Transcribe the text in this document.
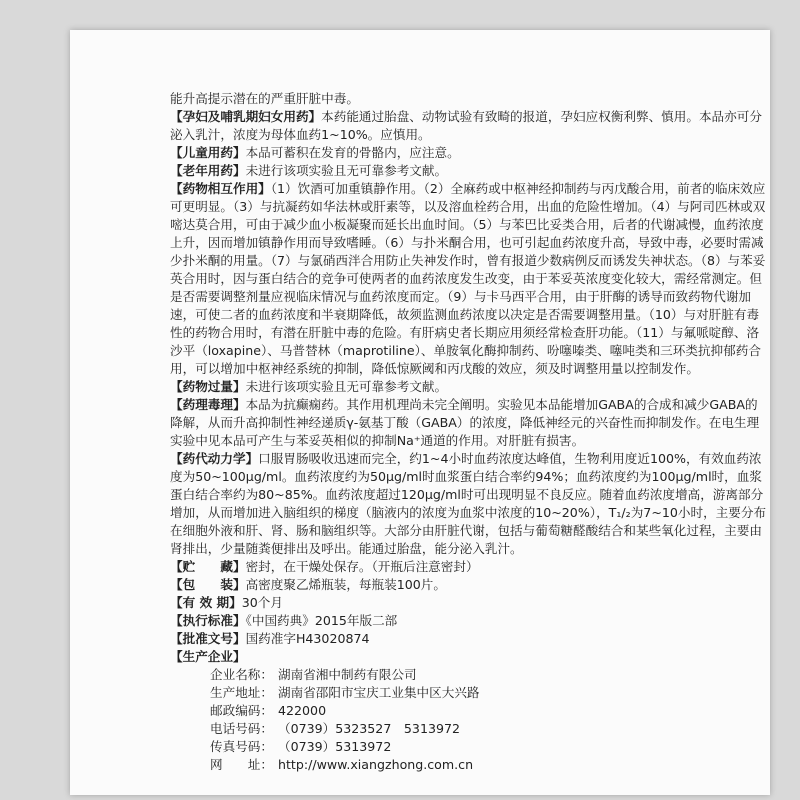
能升高提示潜在的严重肝脏中毒。

【孕妇及哺乳期妇女用药】本药能通过胎盘、动物试验有致畸的报道，孕妇应权衡利弊、慎用。本品亦可分泌入乳汁，浓度为母体血药1~10%。应慎用。

【儿童用药】本品可蓄积在发育的骨骼内，应注意。

【老年用药】未进行该项实验且无可靠参考文献。

【药物相互作用】（1）饮酒可加重镇静作用。（2）全麻药或中枢神经抑制药与丙戊酸合用，前者的临床效应可更明显。（3）与抗凝药如华法林或肝素等，以及溶血栓药合用，出血的危险性增加。（4）与阿司匹林或双嘧达莫合用，可由于减少血小板凝聚而延长出血时间。（5）与苯巴比妥类合用，后者的代谢减慢，血药浓度上升，因而增加镇静作用而导致嗜睡。（6）与扑米酮合用，也可引起血药浓度升高，导致中毒，必要时需减少扑米酮的用量。（7）与氯硝西泮合用防止失神发作时，曾有报道少数病例反而诱发失神状态。（8）与苯妥英合用时，因与蛋白结合的竞争可使两者的血药浓度发生改变，由于苯妥英浓度变化较大，需经常测定。但是否需要调整剂量应视临床情况与血药浓度而定。（9）与卡马西平合用，由于肝酶的诱导而致药物代谢加速，可使二者的血药浓度和半衰期降低，故须监测血药浓度以决定是否需要调整用量。（10）与对肝脏有毒性的药物合用时，有潜在肝脏中毒的危险。有肝病史者长期应用须经常检查肝功能。（11）与氟哌啶醇、洛沙平（loxapine）、马普替林（maprotiline）、单胺氧化酶抑制药、吩噻嗪类、噻吨类和三环类抗抑郁药合用，可以增加中枢神经系统的抑制，降低惊厥阈和丙戊酸的效应，须及时调整用量以控制发作。

【药物过量】未进行该项实验且无可靠参考文献。

【药理毒理】本品为抗癫痫药。其作用机理尚未完全阐明。实验见本品能增加GABA的合成和减少GABA的降解，从而升高抑制性神经递质γ-氨基丁酸（GABA）的浓度，降低神经元的兴奋性而抑制发作。在电生理实验中见本品可产生与苯妥英相似的抑制Na⁺通道的作用。对肝脏有损害。

【药代动力学】口服胃肠吸收迅速而完全，约1~4小时血药浓度达峰值，生物利用度近100%，有效血药浓度为50~100μg/ml。血药浓度约为50μg/ml时血浆蛋白结合率约94%；血药浓度约为100μg/ml时，血浆蛋白结合率约为80~85%。血药浓度超过120μg/ml时可出现明显不良反应。随着血药浓度增高，游离部分增加，从而增加进入脑组织的梯度（脑液内的浓度为血浆中浓度的10~20%），T₁/₂为7~10小时，主要分布在细胞外液和肝、肾、肠和脑组织等。大部分由肝脏代谢，包括与葡萄糖醛酸结合和某些氧化过程，主要由肾排出，少量随粪便排出及呼出。能通过胎盘，能分泌入乳汁。

【贮　　藏】密封，在干燥处保存。（开瓶后注意密封）

【包　　装】高密度聚乙烯瓶装，每瓶装100片。

【有 效 期】30个月

【执行标准】《中国药典》2015年版二部

【批准文号】国药准字H43020874

【生产企业】

企业名称： 湖南省湘中制药有限公司

生产地址： 湖南省邵阳市宝庆工业集中区大兴路

邮政编码： 422000

电话号码： （0739）5323527　5313972

传真号码： （0739）5313972

网　　址： http://www.xiangzhong.com.cn
